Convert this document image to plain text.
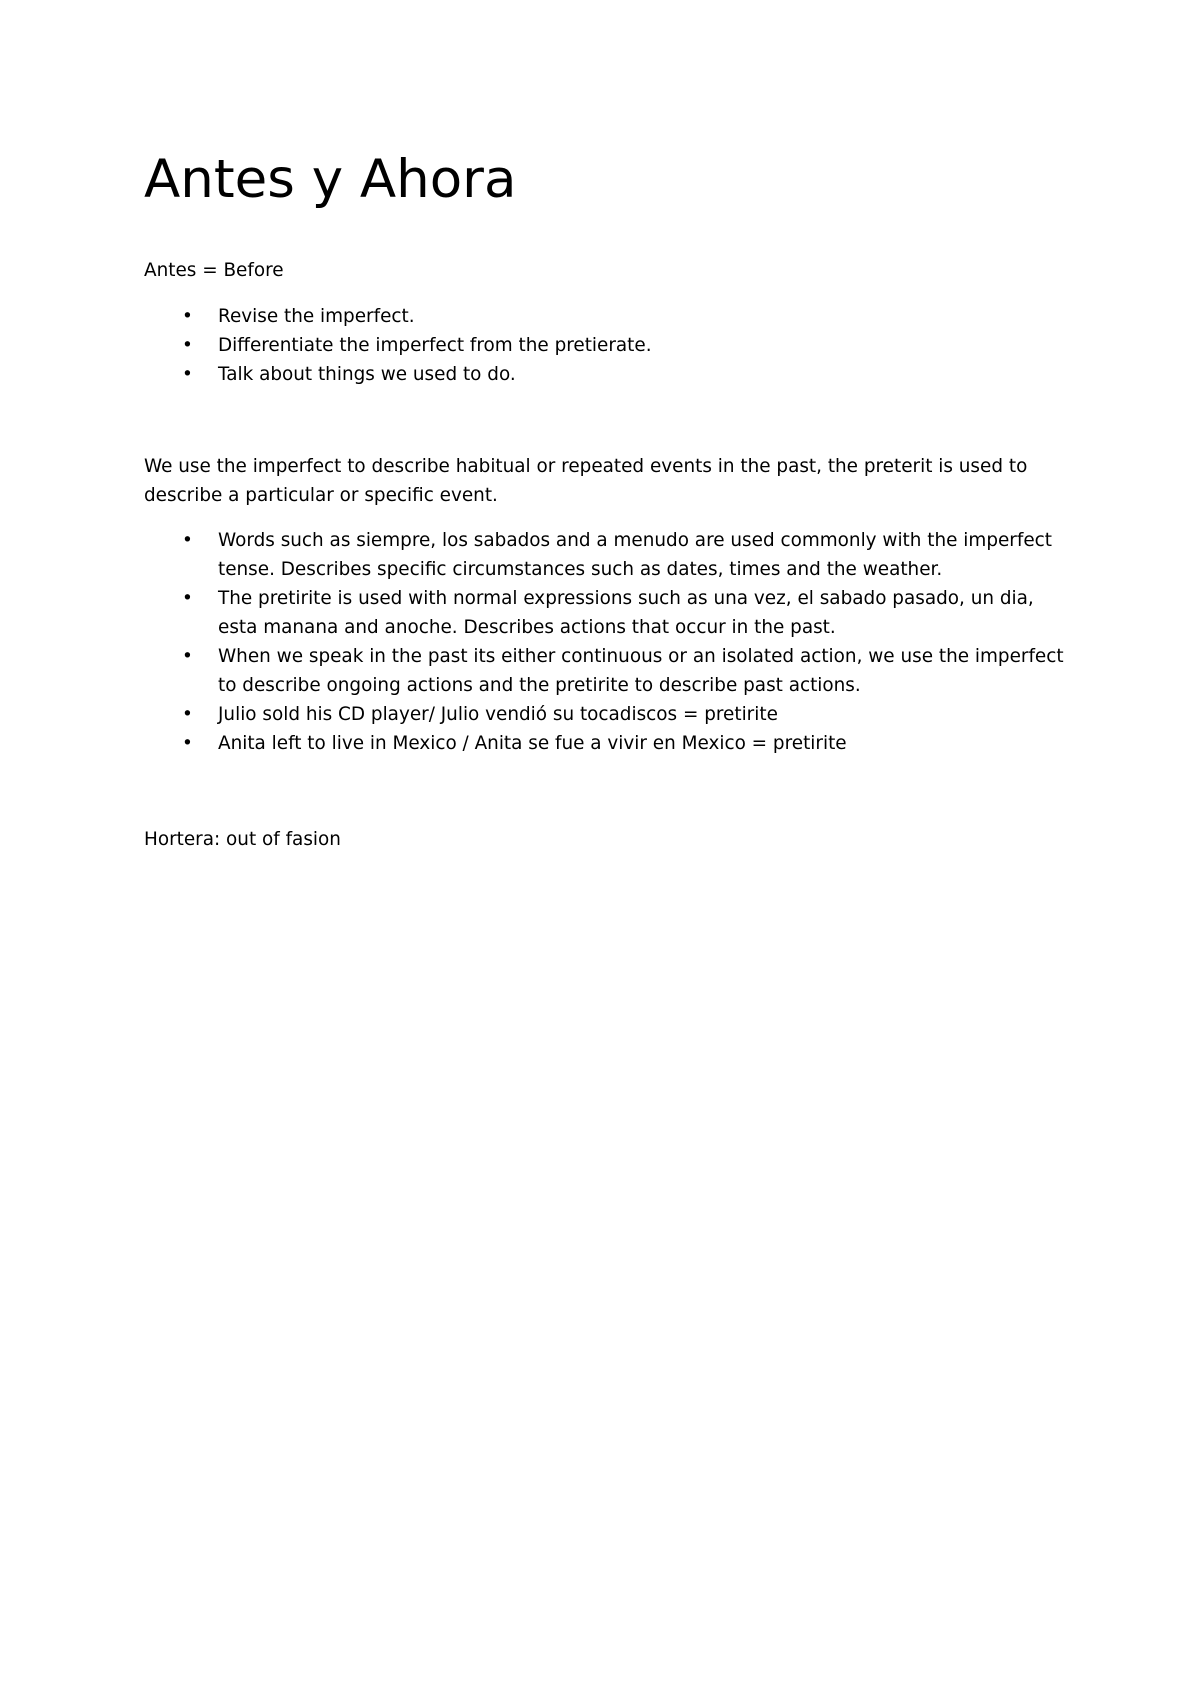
Antes y Ahora

Antes = Before

• Revise the imperfect.
• Differentiate the imperfect from the pretierate.
• Talk about things we used to do.

We use the imperfect to describe habitual or repeated events in the past, the preterit is used to describe a particular or specific event.

• Words such as siempre, los sabados and a menudo are used commonly with the imperfect tense. Describes specific circumstances such as dates, times and the weather.
• The pretirite is used with normal expressions such as una vez, el sabado pasado, un dia, esta manana and anoche. Describes actions that occur in the past.
• When we speak in the past its either continuous or an isolated action, we use the imperfect to describe ongoing actions and the pretirite to describe past actions.
• Julio sold his CD player/ Julio vendió su tocadiscos = pretirite
• Anita left to live in Mexico / Anita se fue a vivir en Mexico = pretirite

Hortera: out of fasion
